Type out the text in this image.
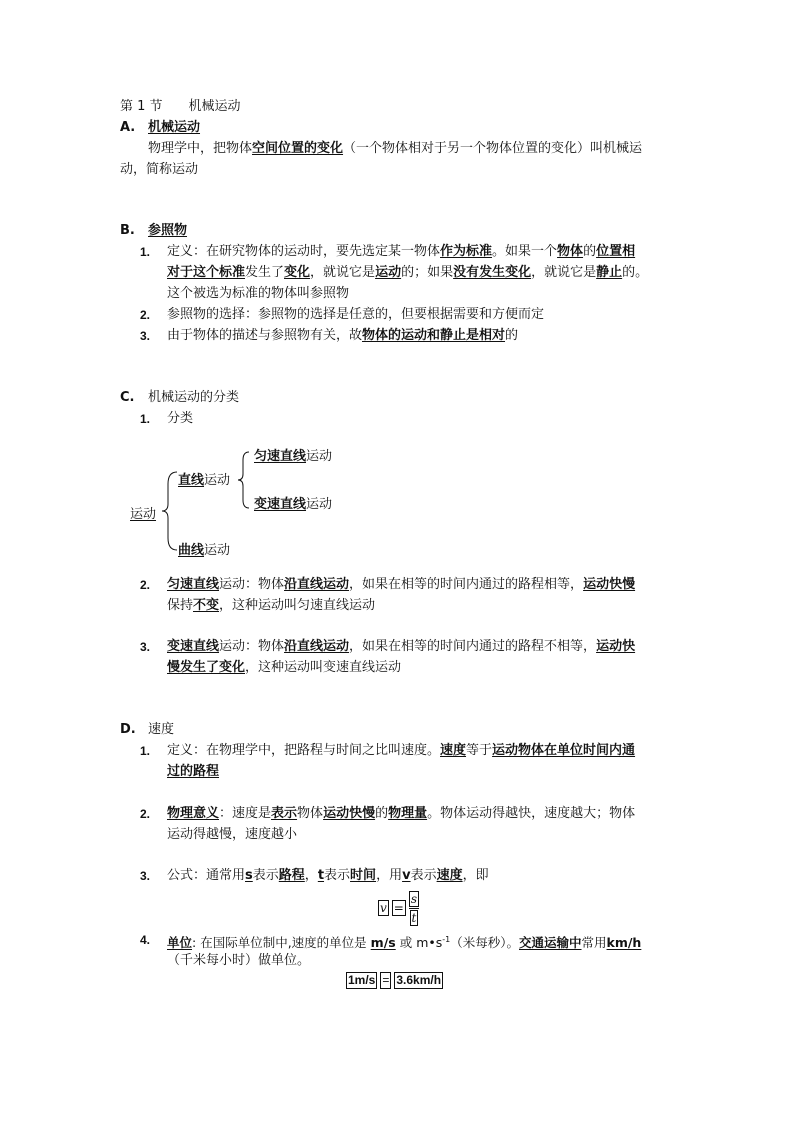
第 1 节　　机械运动
A. 机械运动
物理学中，把物体空间位置的变化（一个物体相对于另一个物体位置的变化）叫机械运
动，简称运动
B. 参照物
1. 定义：在研究物体的运动时，要先选定某一物体作为标准。如果一个物体的位置相
对于这个标准发生了变化，就说它是运动的；如果没有发生变化，就说它是静止的。
这个被选为标准的物体叫参照物
2. 参照物的选择：参照物的选择是任意的，但要根据需要和方便而定
3. 由于物体的描述与参照物有关，故物体的运动和静止是相对的
C. 机械运动的分类
1. 分类
运动
直线运动
匀速直线运动
变速直线运动
曲线运动
2. 匀速直线运动：物体沿直线运动，如果在相等的时间内通过的路程相等，运动快慢
保持不变，这种运动叫匀速直线运动
3. 变速直线运动：物体沿直线运动，如果在相等的时间内通过的路程不相等，运动快
慢发生了变化，这种运动叫变速直线运动
D. 速度
1. 定义：在物理学中，把路程与时间之比叫速度。速度等于运动物体在单位时间内通
过的路程
2. 物理意义：速度是表示物体运动快慢的物理量。物体运动得越快，速度越大；物体
运动得越慢，速度越小
3. 公式：通常用s表示路程，t表示时间，用v表示速度，即
$v = \frac{s}{t}$
4. 单位: 在国际单位制中,速度的单位是 m/s 或 $m•s^{-1}$（米每秒）。交通运输中常用km/h
（千米每小时）做单位。
1m/s = 3.6km/h
